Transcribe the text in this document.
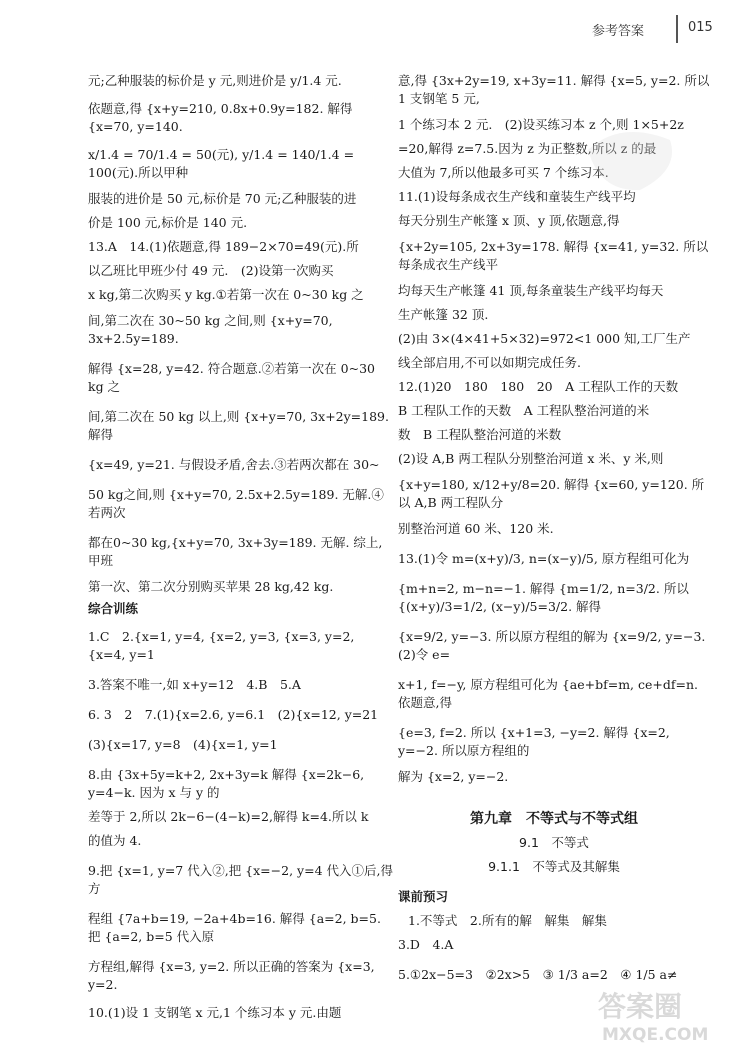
参考答案	015

元;乙种服装的标价是 y 元,则进价是 y/1.4 元.

依题意,得 {x+y=210, 0.8x+0.9y=182. 解得 {x=70, y=140.

x/1.4 = 70/1.4 = 50(元), y/1.4 = 140/1.4 = 100(元).所以甲种

服装的进价是 50 元,标价是 70 元;乙种服装的进

价是 100 元,标价是 140 元.

13.A　14.(1)依题意,得 189−2×70=49(元).所

以乙班比甲班少付 49 元.　(2)设第一次购买

x kg,第二次购买 y kg.①若第一次在 0~30 kg 之

间,第二次在 30~50 kg 之间,则 {x+y=70, 3x+2.5y=189.

解得 {x=28, y=42. 符合题意.②若第一次在 0~30 kg 之

间,第二次在 50 kg 以上,则 {x+y=70, 3x+2y=189. 解得

{x=49, y=21. 与假设矛盾,舍去.③若两次都在 30~

50 kg之间,则 {x+y=70, 2.5x+2.5y=189. 无解.④若两次

都在0~30 kg,{x+y=70, 3x+3y=189. 无解. 综上,甲班

第一次、第二次分别购买苹果 28 kg,42 kg.

综合训练

1.C　2.{x=1, y=4, {x=2, y=3, {x=3, y=2, {x=4, y=1

3.答案不唯一,如 x+y=12　4.B　5.A

6. 3　2　7.(1){x=2.6, y=6.1　(2){x=12, y=21

(3){x=17, y=8　(4){x=1, y=1

8.由 {3x+5y=k+2, 2x+3y=k 解得 {x=2k−6, y=4−k. 因为 x 与 y 的

差等于 2,所以 2k−6−(4−k)=2,解得 k=4.所以 k

的值为 4.

9.把 {x=1, y=7 代入②,把 {x=−2, y=4 代入①后,得方

程组 {7a+b=19, −2a+4b=16. 解得 {a=2, b=5. 把 {a=2, b=5 代入原

方程组,解得 {x=3, y=2. 所以正确的答案为 {x=3, y=2.

10.(1)设 1 支钢笔 x 元,1 个练习本 y 元.由题

意,得 {3x+2y=19, x+3y=11. 解得 {x=5, y=2. 所以 1 支钢笔 5 元,

1 个练习本 2 元.　(2)设买练习本 z 个,则 1×5+2z

=20,解得 z=7.5.因为 z 为正整数,所以 z 的最

大值为 7,所以他最多可买 7 个练习本.

11.(1)设每条成衣生产线和童装生产线平均

每天分别生产帐篷 x 顶、y 顶,依题意,得

{x+2y=105, 2x+3y=178. 解得 {x=41, y=32. 所以每条成衣生产线平

均每天生产帐篷 41 顶,每条童装生产线平均每天

生产帐篷 32 顶.

(2)由 3×(4×41+5×32)=972<1 000 知,工厂生产

线全部启用,不可以如期完成任务.

12.(1)20　180　180　20　A 工程队工作的天数

B 工程队工作的天数　A 工程队整治河道的米

数　B 工程队整治河道的米数

(2)设 A,B 两工程队分别整治河道 x 米、y 米,则

{x+y=180, x/12+y/8=20. 解得 {x=60, y=120. 所以 A,B 两工程队分

别整治河道 60 米、120 米.

13.(1)令 m=(x+y)/3, n=(x−y)/5, 原方程组可化为

{m+n=2, m−n=−1. 解得 {m=1/2, n=3/2. 所以 {(x+y)/3=1/2, (x−y)/5=3/2. 解得

{x=9/2, y=−3. 所以原方程组的解为 {x=9/2, y=−3.　(2)令 e=

x+1, f=−y, 原方程组可化为 {ae+bf=m, ce+df=n. 依题意,得

{e=3, f=2. 所以 {x+1=3, −y=2. 解得 {x=2, y=−2. 所以原方程组的

解为 {x=2, y=−2.

第九章　不等式与不等式组

9.1　不等式

9.1.1　不等式及其解集

课前预习

1.不等式　2.所有的解　解集　解集

3.D　4.A

5.①2x−5=3　②2x>5　③ 1/3 a=2　④ 1/5 a≠

答案圈
MXQE.COM
